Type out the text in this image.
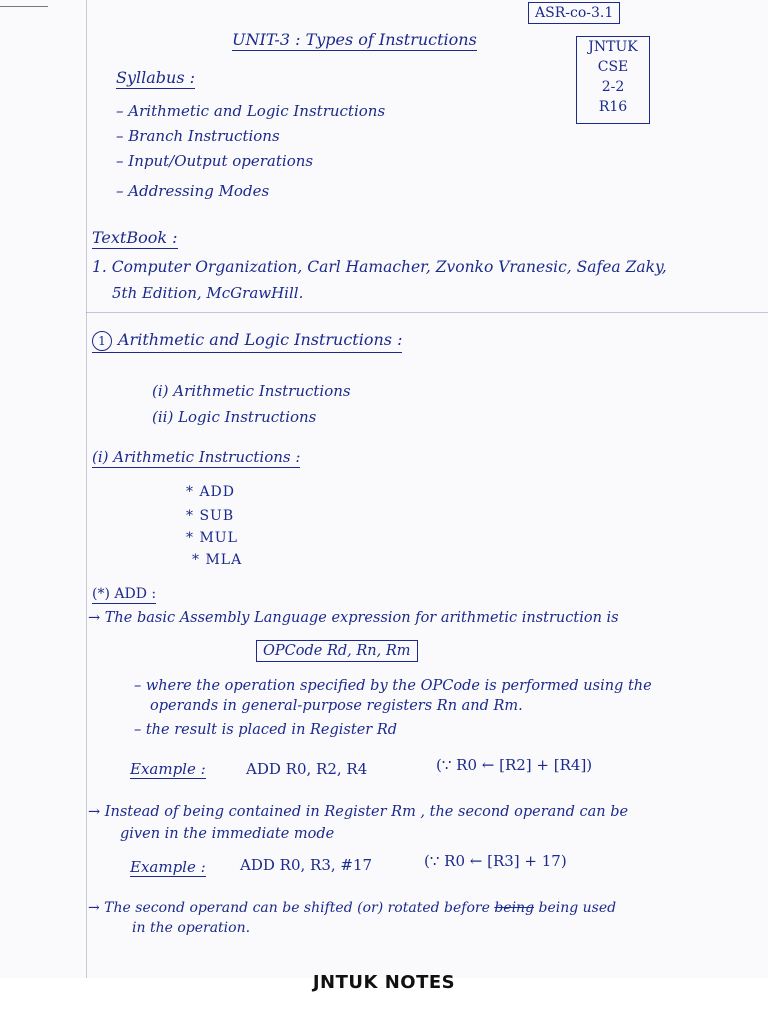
ASR-co-3.1
UNIT-3 : Types of Instructions	JNTUK
CSE
2-2
R16
Syllabus :
– Arithmetic and Logic Instructions
– Branch Instructions
– Input/Output operations
– Addressing Modes
TextBook :
1. Computer Organization, Carl Hamacher, Zvonko Vranesic, Safea Zaky,
5th Edition, McGrawHill.
1 Arithmetic and Logic Instructions :
(i) Arithmetic Instructions
(ii) Logic Instructions
(i) Arithmetic Instructions :
* ADD
* SUB
* MUL
* MLA
(*) ADD :
→ The basic Assembly Language expression for arithmetic instruction is
OPCode Rd, Rn, Rm
– where the operation specified by the OPCode is performed using the
operands in general-purpose registers Rn and Rm.
– the result is placed in Register Rd
Example :	ADD R0, R2, R4	(∵ R0 ← [R2] + [R4])
→ Instead of being contained in Register Rm , the second operand can be
given in the immediate mode
Example : ADD R0, R3, #17	(∵ R0 ← [R3] + 17)
→ The second operand can be shifted (or) rotated before being being used
in the operation.
JNTUK NOTES
